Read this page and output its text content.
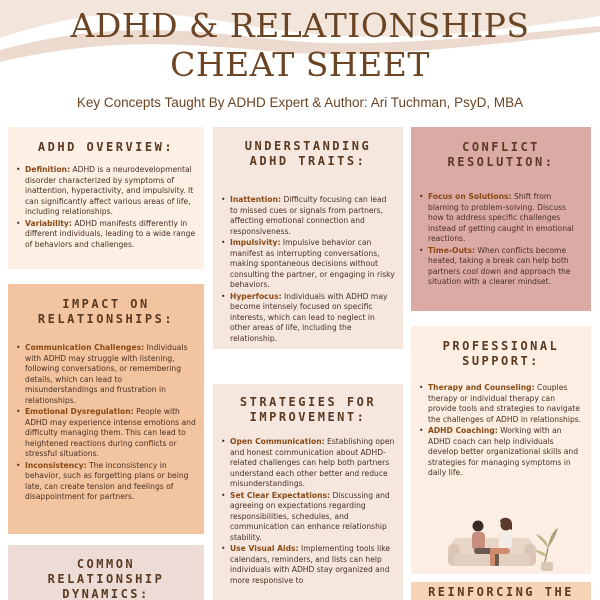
ADHD & RELATIONSHIPS
CHEAT SHEET
Key Concepts Taught By ADHD Expert & Author: Ari Tuchman, PsyD, MBA
ADHD OVERVIEW:
• Definition: ADHD is a neurodevelopmental disorder characterized by symptoms of inattention, hyperactivity, and impulsivity. It can significantly affect various areas of life, including relationships.
• Variability: ADHD manifests differently in different individuals, leading to a wide range of behaviors and challenges.
UNDERSTANDING
ADHD TRAITS:
• Inattention: Difficulty focusing can lead to missed cues or signals from partners, affecting emotional connection and responsiveness.
• Impulsivity: Impulsive behavior can manifest as interrupting conversations, making spontaneous decisions without consulting the partner, or engaging in risky behaviors.
• Hyperfocus: Individuals with ADHD may become intensely focused on specific interests, which can lead to neglect in other areas of life, including the relationship.
CONFLICT
RESOLUTION:
• Focus on Solutions: Shift from blaming to problem-solving. Discuss how to address specific challenges instead of getting caught in emotional reactions.
• Time-Outs: When conflicts become heated, taking a break can help both partners cool down and approach the situation with a clearer mindset.
IMPACT ON
RELATIONSHIPS:
• Communication Challenges: Individuals with ADHD may struggle with listening, following conversations, or remembering details, which can lead to misunderstandings and frustration in relationships.
• Emotional Dysregulation: People with ADHD may experience intense emotions and difficulty managing them. This can lead to heightened reactions during conflicts or stressful situations.
• Inconsistency: The inconsistency in behavior, such as forgetting plans or being late, can create tension and feelings of disappointment for partners.
STRATEGIES FOR
IMPROVEMENT:
• Open Communication: Establishing open and honest communication about ADHD-related challenges can help both partners understand each other better and reduce misunderstandings.
• Set Clear Expectations: Discussing and agreeing on expectations regarding responsibilities, schedules, and communication can enhance relationship stability.
• Use Visual Aids: Implementing tools like calendars, reminders, and lists can help individuals with ADHD stay organized and more responsive to
PROFESSIONAL
SUPPORT:
• Therapy and Counseling: Couples therapy or individual therapy can provide tools and strategies to navigate the challenges of ADHD in relationships.
• ADHD Coaching: Working with an ADHD coach can help individuals develop better organizational skills and strategies for managing symptoms in daily life.
COMMON
RELATIONSHIP
DYNAMICS:	REINFORCING THE
